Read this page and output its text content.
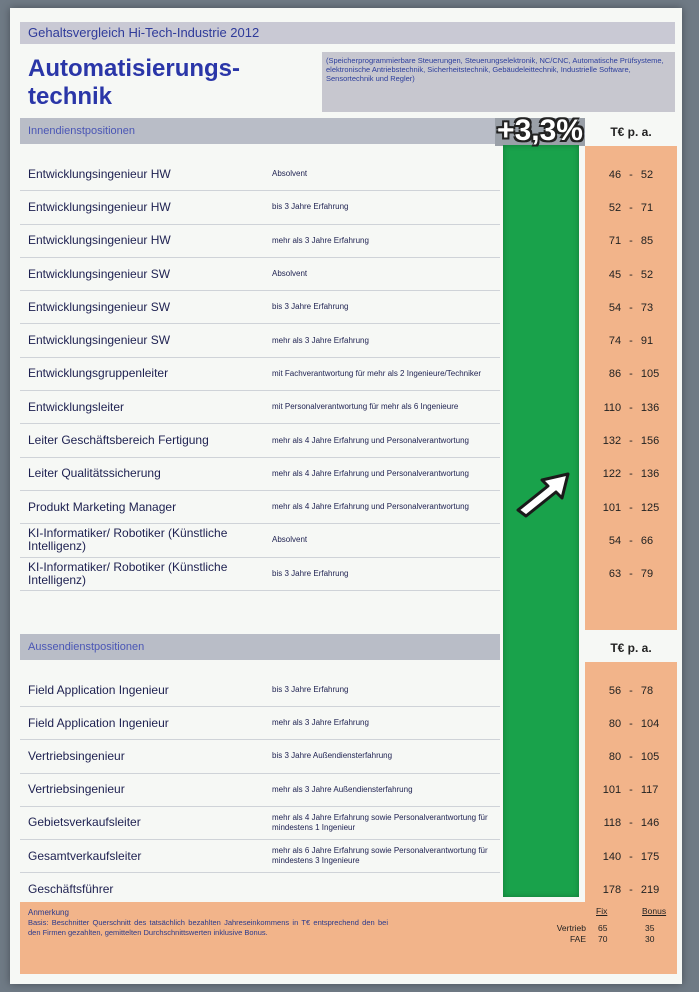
Gehaltsvergleich Hi-Tech-Industrie 2012
Automatisierungs-
technik
(Speicherprogrammierbare Steuerungen, Steuerungselektronik, NC/CNC, Automatische Prüfsysteme, elektronische Antriebstechnik, Sicherheitstechnik, Gebäudeleittechnik, Industrielle Software, Sensortechnik und Regler)
Innendienstpositionen
Aussendienstpositionen
T€ p. a.
T€ p. a.
+3,3%
Entwicklungsingenieur HW	Absolvent	46 - 52
Entwicklungsingenieur HW	bis 3 Jahre Erfahrung	52 - 71
Entwicklungsingenieur HW	mehr als 3 Jahre Erfahrung	71 - 85
Entwicklungsingenieur SW	Absolvent	45 - 52
Entwicklungsingenieur SW	bis 3 Jahre Erfahrung	54 - 73
Entwicklungsingenieur SW	mehr als 3 Jahre Erfahrung	74 - 91
Entwicklungsgruppenleiter	mit Fachverantwortung für mehr als 2 Ingenieure/Techniker	86 - 105
Entwicklungsleiter	mit Personalverantwortung für mehr als 6 Ingenieure	110 - 136
Leiter Geschäftsbereich Fertigung	mehr als 4 Jahre Erfahrung und Personalverantwortung	132 - 156
Leiter Qualitätssicherung	mehr als 4 Jahre Erfahrung und Personalverantwortung	122 - 136
Produkt Marketing Manager	mehr als 4 Jahre Erfahrung und Personalverantwortung	101 - 125
KI-Informatiker/ Robotiker (Künstliche Intelligenz)	Absolvent	54 - 66
KI-Informatiker/ Robotiker (Künstliche Intelligenz)	bis 3 Jahre Erfahrung	63 - 79
Field Application Ingenieur	bis 3 Jahre Erfahrung	56 - 78
Field Application Ingenieur	mehr als 3 Jahre Erfahrung	80 - 104
Vertriebsingenieur	bis 3 Jahre Außendiensterfahrung	80 - 105
Vertriebsingenieur	mehr als 3 Jahre Außendiensterfahrung	101 - 117
Gebietsverkaufsleiter	mehr als 4 Jahre Erfahrung sowie Personalverantwortung für mindestens 1 Ingenieur	118 - 146
Gesamtverkaufsleiter	mehr als 6 Jahre Erfahrung sowie Personalverantwortung für mindestens 3 Ingenieure	140 - 175
Geschäftsführer	178 - 219
Anmerkung
Basis: Beschnitter Querschnitt des tatsächlich bezahlten Jahreseinkommens in T€ entsprechend den bei den Firmen gezahlten, gemittelten Durchschnittswerten inklusive Bonus.
Fix	Bonus
Vertrieb 65	35
FAE 70	30
